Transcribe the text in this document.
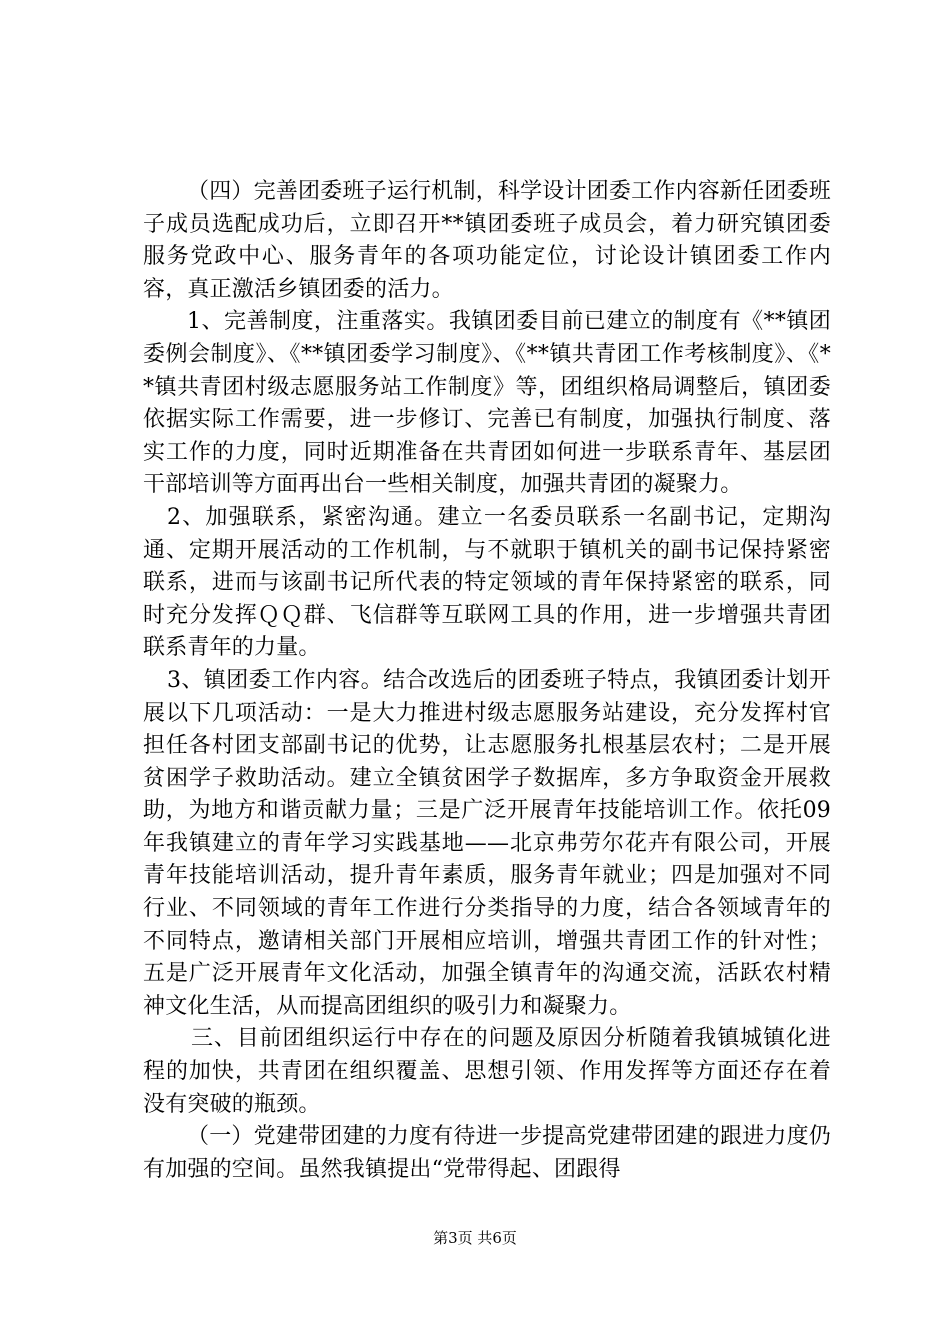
（四）完善团委班子运行机制，科学设计团委工作内容新任团委班子成员选配成功后，立即召开**镇团委班子成员会，着力研究镇团委服务党政中心、服务青年的各项功能定位，讨论设计镇团委工作内容，真正激活乡镇团委的活力。

1、完善制度，注重落实。我镇团委目前已建立的制度有《**镇团委例会制度》、《**镇团委学习制度》、《**镇共青团工作考核制度》、《**镇共青团村级志愿服务站工作制度》等，团组织格局调整后，镇团委依据实际工作需要，进一步修订、完善已有制度，加强执行制度、落实工作的力度，同时近期准备在共青团如何进一步联系青年、基层团干部培训等方面再出台一些相关制度，加强共青团的凝聚力。

2、加强联系，紧密沟通。建立一名委员联系一名副书记，定期沟通、定期开展活动的工作机制，与不就职于镇机关的副书记保持紧密联系，进而与该副书记所代表的特定领域的青年保持紧密的联系，同时充分发挥ＱＱ群、飞信群等互联网工具的作用，进一步增强共青团联系青年的力量。

3、镇团委工作内容。结合改选后的团委班子特点，我镇团委计划开展以下几项活动：一是大力推进村级志愿服务站建设，充分发挥村官担任各村团支部副书记的优势，让志愿服务扎根基层农村；二是开展贫困学子救助活动。建立全镇贫困学子数据库，多方争取资金开展救助，为地方和谐贡献力量；三是广泛开展青年技能培训工作。依托09年我镇建立的青年学习实践基地——北京弗劳尔花卉有限公司，开展青年技能培训活动，提升青年素质，服务青年就业；四是加强对不同行业、不同领域的青年工作进行分类指导的力度，结合各领域青年的不同特点，邀请相关部门开展相应培训，增强共青团工作的针对性；五是广泛开展青年文化活动，加强全镇青年的沟通交流，活跃农村精神文化生活，从而提高团组织的吸引力和凝聚力。

三、目前团组织运行中存在的问题及原因分析随着我镇城镇化进程的加快，共青团在组织覆盖、思想引领、作用发挥等方面还存在着没有突破的瓶颈。

（一）党建带团建的力度有待进一步提高党建带团建的跟进力度仍有加强的空间。虽然我镇提出“党带得起、团跟得

第3页 共6页
